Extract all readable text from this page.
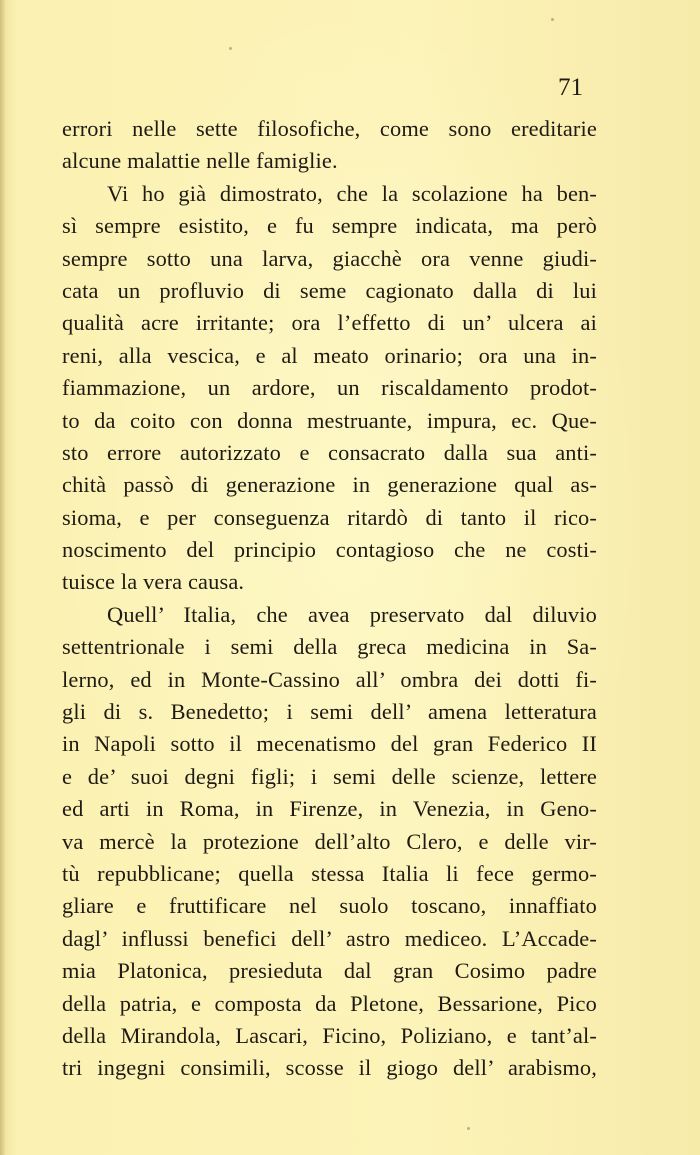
71
errori nelle sette filosofiche, come sono ereditarie
alcune malattie nelle famiglie.
Vi ho già dimostrato, che la scolazione ha ben-
sì sempre esistito, e fu sempre indicata, ma però
sempre sotto una larva, giacchè ora venne giudi-
cata un profluvio di seme cagionato dalla di lui
qualità acre irritante; ora l’effetto di un’ ulcera ai
reni, alla vescica, e al meato orinario; ora una in-
fiammazione, un ardore, un riscaldamento prodot-
to da coito con donna mestruante, impura, ec. Que-
sto errore autorizzato e consacrato dalla sua anti-
chità passò di generazione in generazione qual as-
sioma, e per conseguenza ritardò di tanto il rico-
noscimento del principio contagioso che ne costi-
tuisce la vera causa.
Quell’ Italia, che avea preservato dal diluvio
settentrionale i semi della greca medicina in Sa-
lerno, ed in Monte-Cassino all’ ombra dei dotti fi-
gli di s. Benedetto; i semi dell’ amena letteratura
in Napoli sotto il mecenatismo del gran Federico II
e de’ suoi degni figli; i semi delle scienze, lettere
ed arti in Roma, in Firenze, in Venezia, in Geno-
va mercè la protezione dell’alto Clero, e delle vir-
tù repubblicane; quella stessa Italia li fece germo-
gliare e fruttificare nel suolo toscano, innaffiato
dagl’ influssi benefici dell’ astro mediceo. L’Accade-
mia Platonica, presieduta dal gran Cosimo padre
della patria, e composta da Pletone, Bessarione, Pico
della Mirandola, Lascari, Ficino, Poliziano, e tant’al-
tri ingegni consimili, scosse il giogo dell’ arabismo,
